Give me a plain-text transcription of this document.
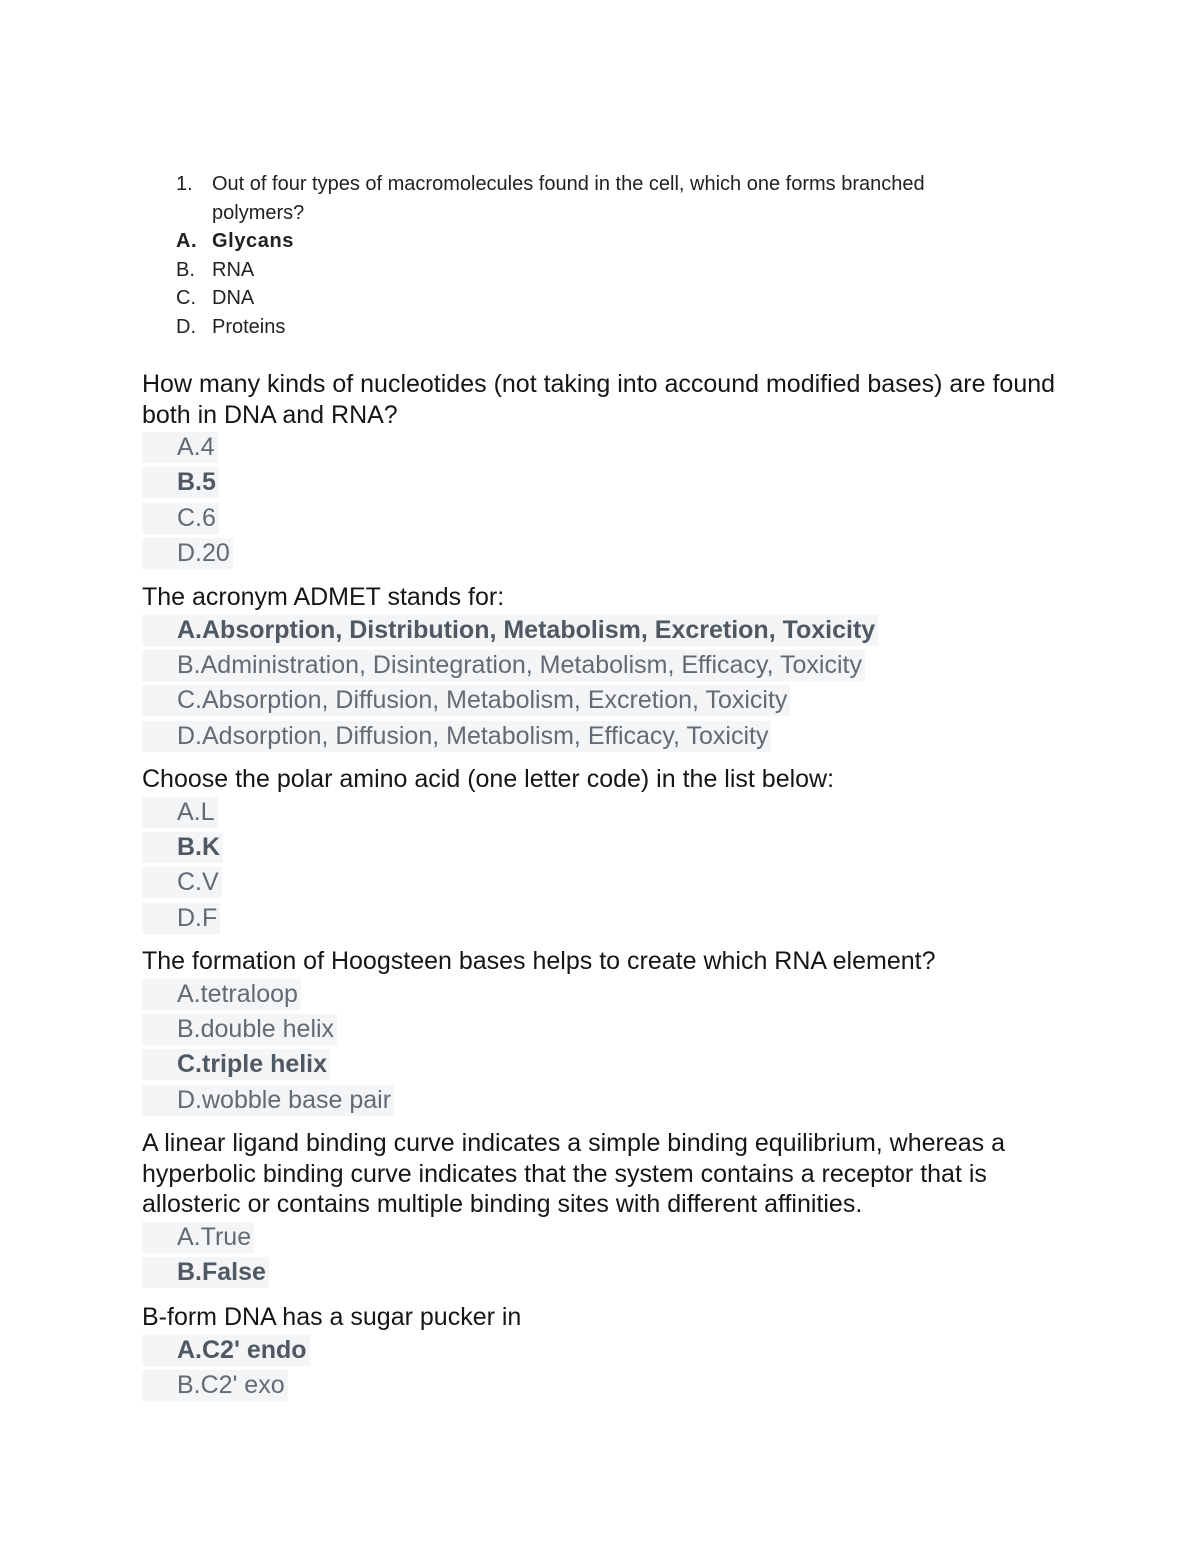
1. Out of four types of macromolecules found in the cell, which one forms branched
polymers?
A. Glycans
B. RNA
C. DNA
D. Proteins

How many kinds of nucleotides (not taking into accound modified bases) are found both in DNA and RNA?

A.4
B.5
C.6
D.20

The acronym ADMET stands for:

A.Absorption, Distribution, Metabolism, Excretion, Toxicity
B.Administration, Disintegration, Metabolism, Efficacy, Toxicity
C.Absorption, Diffusion, Metabolism, Excretion, Toxicity
D.Adsorption, Diffusion, Metabolism, Efficacy, Toxicity

Choose the polar amino acid (one letter code) in the list below:

A.L
B.K
C.V
D.F

The formation of Hoogsteen bases helps to create which RNA element?

A.tetraloop
B.double helix
C.triple helix
D.wobble base pair

A linear ligand binding curve indicates a simple binding equilibrium, whereas a hyperbolic binding curve indicates that the system contains a receptor that is allosteric or contains multiple binding sites with different affinities.

A.True
B.False

B-form DNA has a sugar pucker in

A.C2' endo
B.C2' exo
